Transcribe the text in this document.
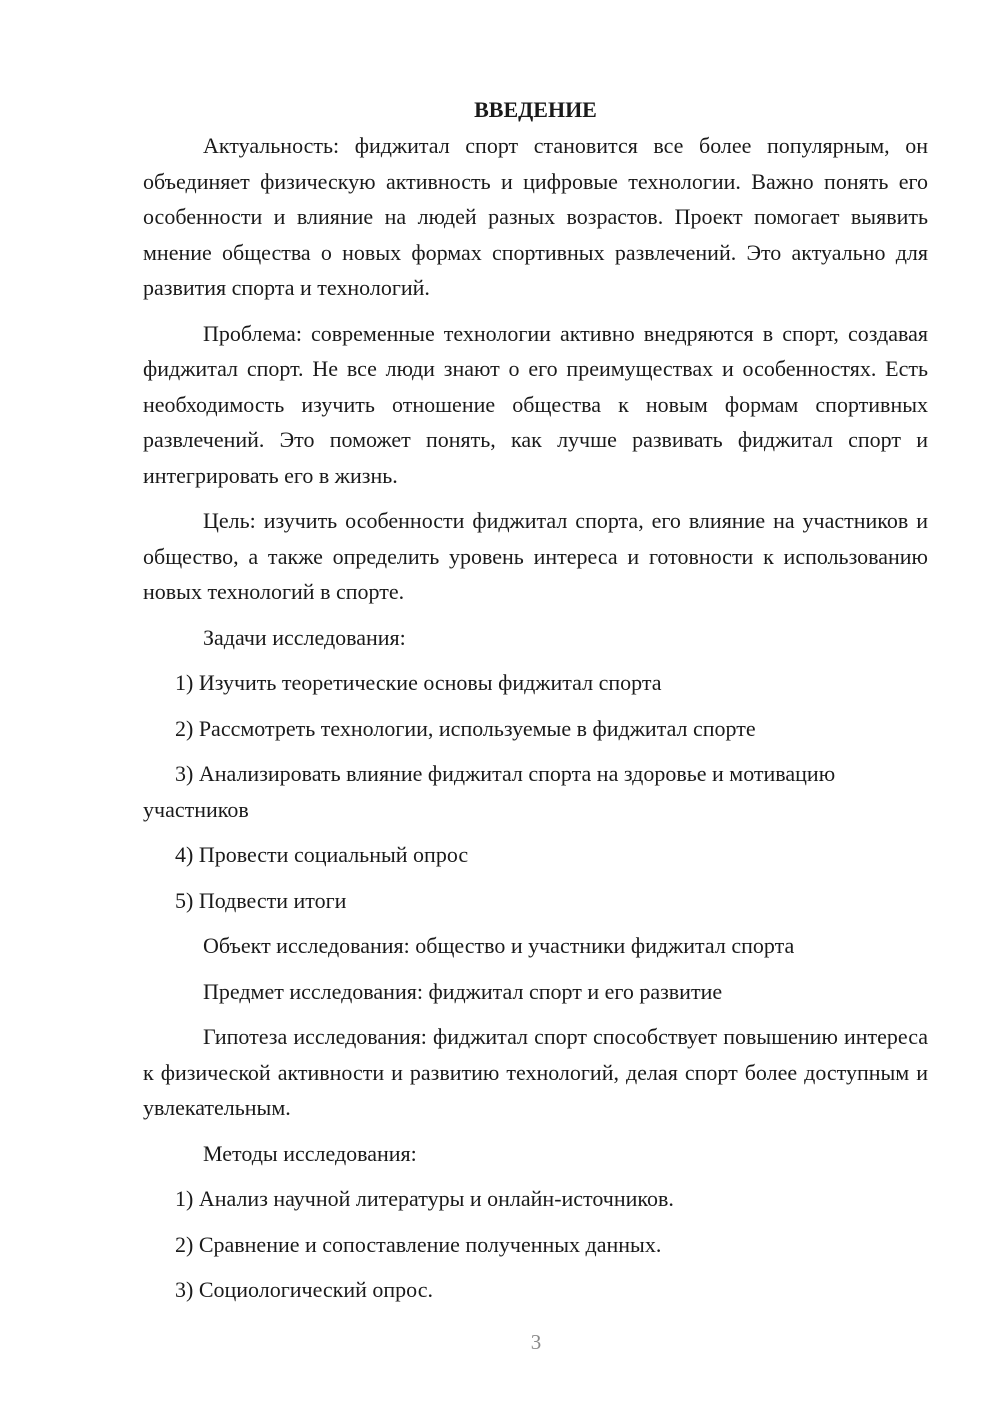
ВВЕДЕНИЕ

Актуальность: фиджитал спорт становится все более популярным, он объединяет физическую активность и цифровые технологии. Важно понять его особенности и влияние на людей разных возрастов. Проект помогает выявить мнение общества о новых формах спортивных развлечений. Это актуально для развития спорта и технологий.

Проблема: современные технологии активно внедряются в спорт, создавая фиджитал спорт. Не все люди знают о его преимуществах и особенностях. Есть необходимость изучить отношение общества к новым формам спортивных развлечений. Это поможет понять, как лучше развивать фиджитал спорт и интегрировать его в жизнь.

Цель: изучить особенности фиджитал спорта, его влияние на участников и общество, а также определить уровень интереса и готовности к использованию новых технологий в спорте.

Задачи исследования:

1) Изучить теоретические основы фиджитал спорта

2) Рассмотреть технологии, используемые в фиджитал спорте

3) Анализировать влияние фиджитал спорта на здоровье и мотивацию участников

4) Провести социальный опрос

5) Подвести итоги

Объект исследования: общество и участники фиджитал спорта

Предмет исследования: фиджитал спорт и его развитие

Гипотеза исследования: фиджитал спорт способствует повышению интереса к физической активности и развитию технологий, делая спорт более доступным и увлекательным.

Методы исследования:

1) Анализ научной литературы и онлайн-источников.

2) Сравнение и сопоставление полученных данных.

3) Социологический опрос.

3
